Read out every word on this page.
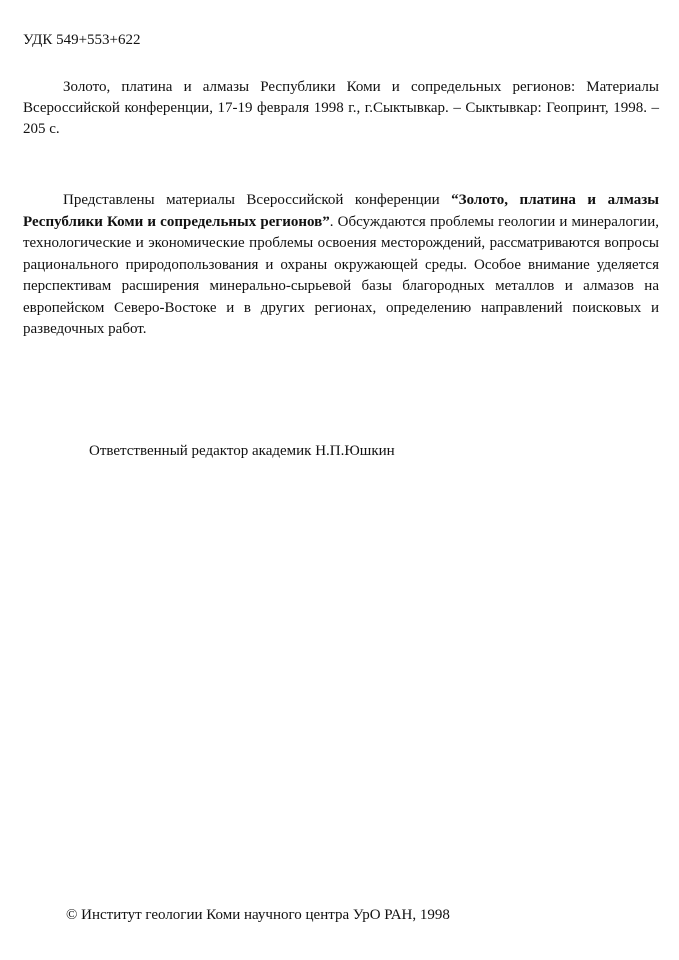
УДК 549+553+622

Золото, платина и алмазы Республики Коми и сопредельных регионов: Материалы Всероссийской конференции, 17-19 февраля 1998 г., г.Сыктывкар. – Сыктывкар: Геопринт, 1998. – 205 с.

Представлены материалы Всероссийской конференции “Золото, платина и алмазы Республики Коми и сопредельных регионов”. Обсуждаются проблемы геологии и минералогии, технологические и экономические проблемы освоения месторождений, рассматриваются вопросы рационального природопользования и охраны окружающей среды. Особое внимание уделяется перспективам расширения минерально-сырьевой базы благородных металлов и алмазов на европейском Северо-Востоке и в других регионах, определению направлений поисковых и разведочных работ.

Ответственный редактор академик Н.П.Юшкин
© Институт геологии Коми научного центра УрО РАН, 1998
